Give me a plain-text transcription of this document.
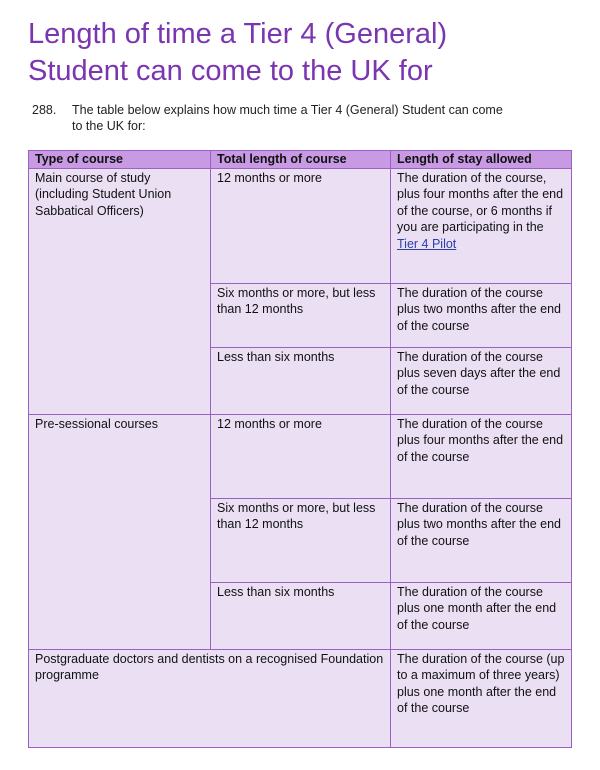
Length of time a Tier 4 (General)
Student can come to the UK for
288. The table below explains how much time a Tier 4 (General) Student can come
to the UK for:
Type of course	Total length of course	Length of stay allowed
Main course of study (including Student Union Sabbatical Officers)	12 months or more	The duration of the course, plus four months after the end of the course, or 6 months if you are participating in the Tier 4 Pilot
	Six months or more, but less than 12 months	The duration of the course plus two months after the end of the course
	Less than six months	The duration of the course plus seven days after the end of the course
Pre-sessional courses	12 months or more	The duration of the course plus four months after the end of the course
	Six months or more, but less than 12 months	The duration of the course plus two months after the end of the course
	Less than six months	The duration of the course plus one month after the end of the course
Postgraduate doctors and dentists on a recognised Foundation programme		The duration of the course (up to a maximum of three years) plus one month after the end of the course
